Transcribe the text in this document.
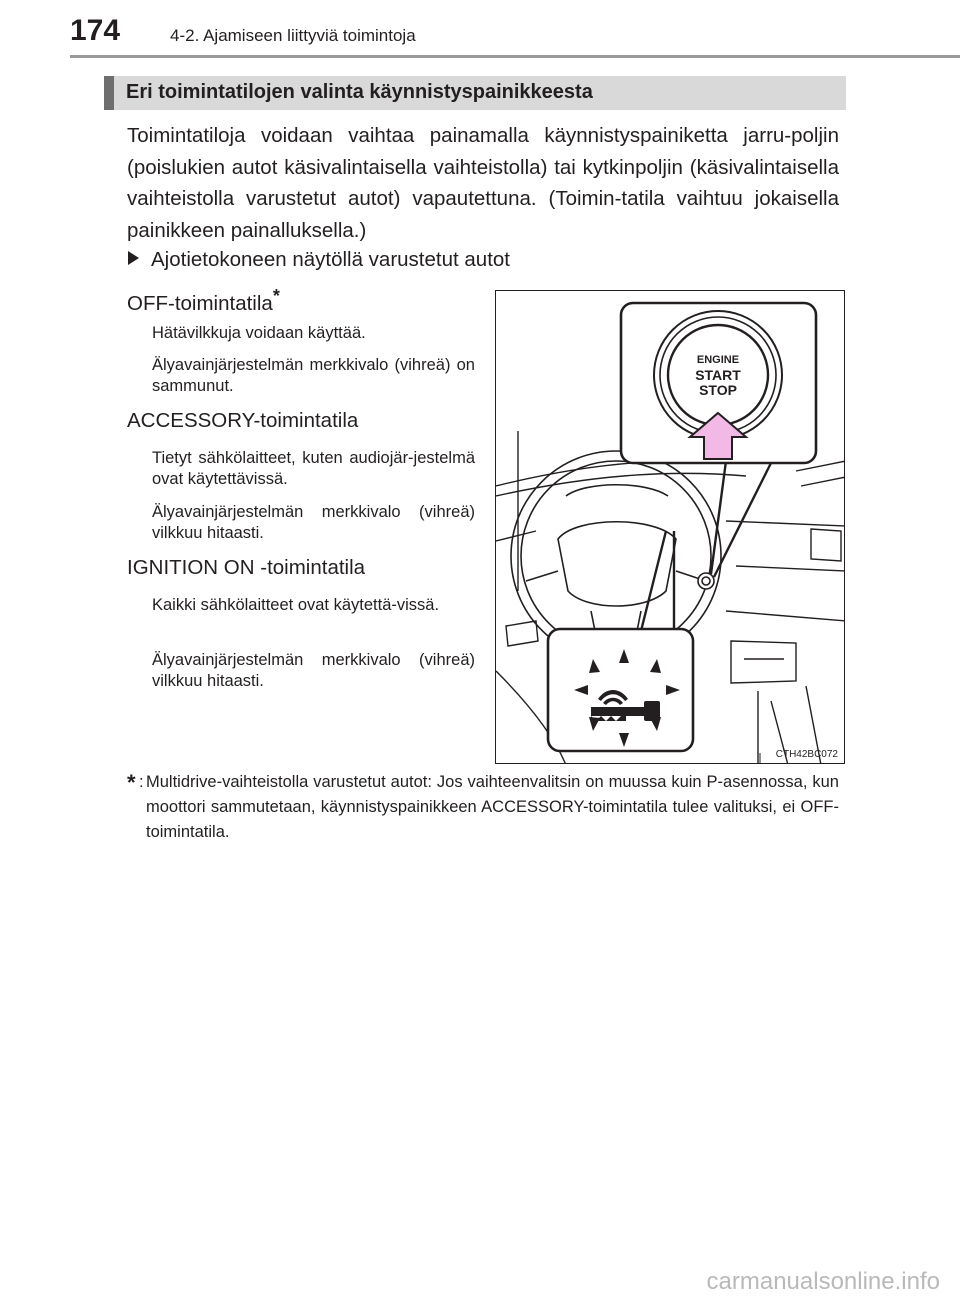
174	4-2. Ajamiseen liittyviä toimintoja
Eri toimintatilojen valinta käynnistyspainikkeesta

Toimintatiloja voidaan vaihtaa painamalla käynnistyspainiketta jarru-poljin (poislukien autot käsivalintaisella vaihteistolla) tai kytkinpoljin (käsivalintaisella vaihteistolla varustetut autot) vapautettuna. (Toimin-tatila vaihtuu jokaisella painikkeen painalluksella.)

Ajotietokoneen näytöllä varustetut autot
OFF-toimintatila*

Hätävilkkuja voidaan käyttää.

Älyavainjärjestelmän merkkivalo (vihreä) on sammunut.

ACCESSORY-toimintatila

Tietyt sähkölaitteet, kuten audiojär-jestelmä ovat käytettävissä.

Älyavainjärjestelmän merkkivalo (vihreä) vilkkuu hitaasti.

IGNITION ON -toimintatila

Kaikki sähkölaitteet ovat käytettä-vissä.

Älyavainjärjestelmän merkkivalo (vihreä) vilkkuu hitaasti.

ENGINE
START
STOP
CTH42BC072
* : Multidrive-vaihteistolla varustetut autot: Jos vaihteenvalitsin on muussa kuin P-asennossa, kun moottori sammutetaan, käynnistyspainikkeen ACCESSORY-toimintatila tulee valituksi, ei OFF-toimintatila.
carmanualsonline.info
